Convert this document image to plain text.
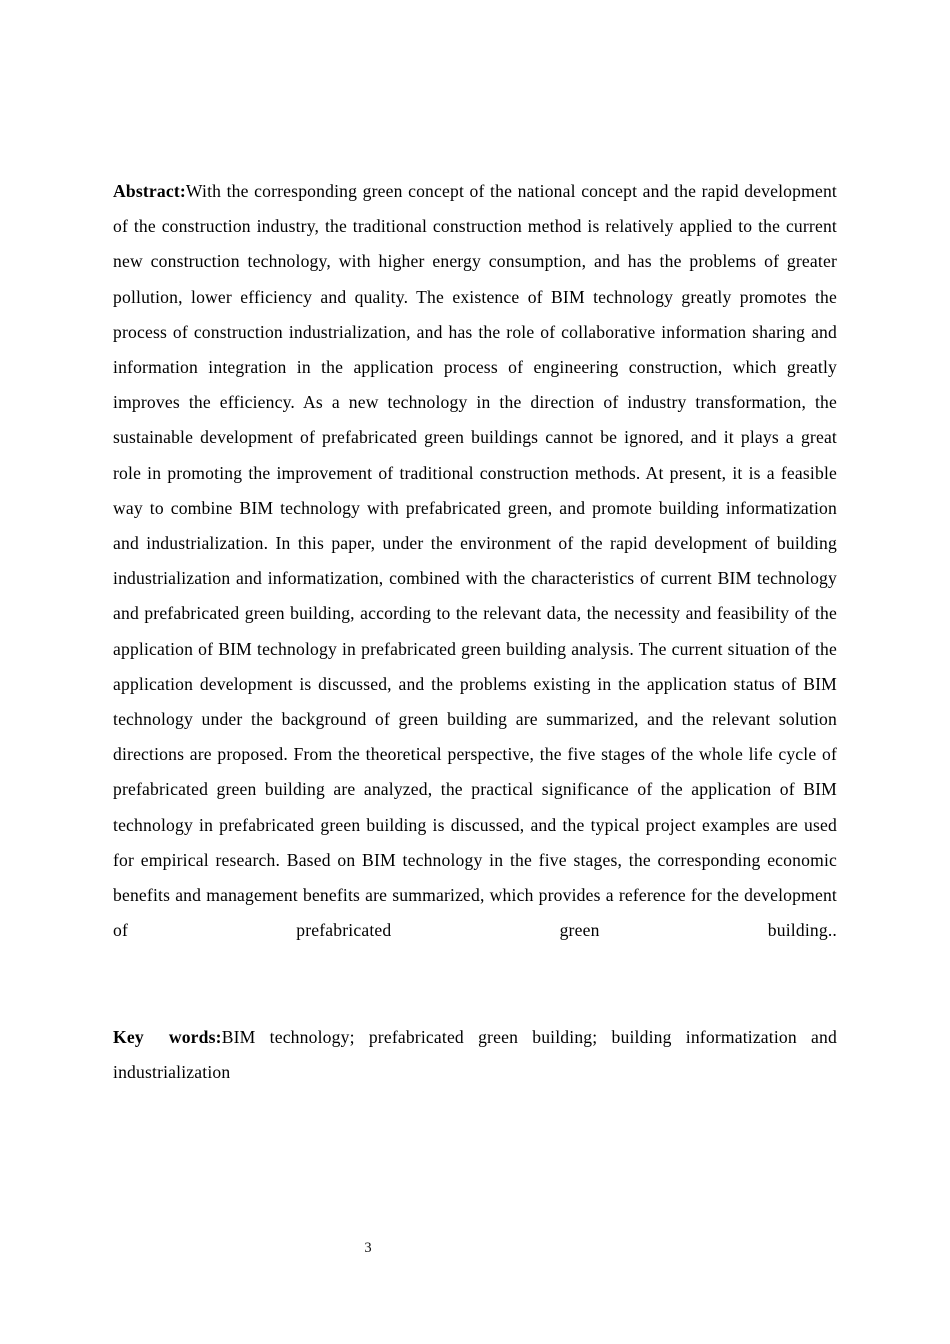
Abstract:With the corresponding green concept of the national concept and the rapid development of the construction industry, the traditional construction method is relatively applied to the current new construction technology, with higher energy consumption, and has the problems of greater pollution, lower efficiency and quality. The existence of BIM technology greatly promotes the process of construction industrialization, and has the role of collaborative information sharing and information integration in the application process of engineering construction, which greatly improves the efficiency. As a new technology in the direction of industry transformation, the sustainable development of prefabricated green buildings cannot be ignored, and it plays a great role in promoting the improvement of traditional construction methods. At present, it is a feasible way to combine BIM technology with prefabricated green, and promote building informatization and industrialization. In this paper, under the environment of the rapid development of building industrialization and informatization, combined with the characteristics of current BIM technology and prefabricated green building, according to the relevant data, the necessity and feasibility of the application of BIM technology in prefabricated green building analysis. The current situation of the application development is discussed, and the problems existing in the application status of BIM technology under the background of green building are summarized, and the relevant solution directions are proposed. From the theoretical perspective, the five stages of the whole life cycle of prefabricated green building are analyzed, the practical significance of the application of BIM technology in prefabricated green building is discussed, and the typical project examples are used for empirical research. Based on BIM technology in the five stages, the corresponding economic benefits and management benefits are summarized, which provides a reference for the development of prefabricated green building..

Key words:BIM technology; prefabricated green building; building informatization and industrialization

3
